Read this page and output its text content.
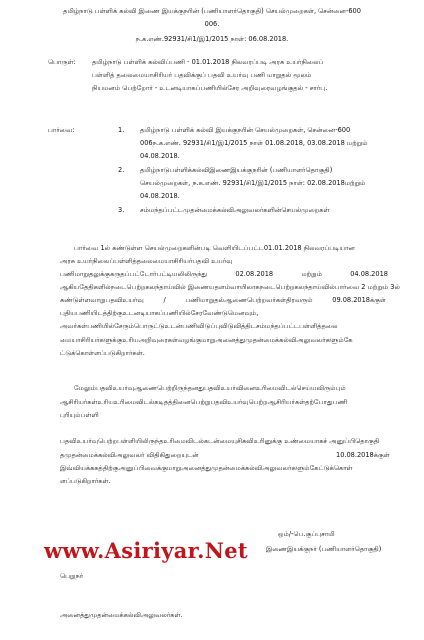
தமிழ்நாடு பள்ளிக் கல்வி இணை இயக்குநரின் (பணியாளர்தொகுதி) செயல்முறைகள், சென்னை-600
006.
ந.க.எண்.92931/சி1/இ1/2015 நாள்: 06.08.2018.
பொருள்: தமிழ்நாடு பள்ளிக் கல்விப்பணி - 01.01.2018 நிலவரப்படி அரசு உயர்நிலைப்
பள்ளித் தலைமையாசிரியர் பதவிக்குப் பதவி உயர்வு பணி மாறுதல் மூலம்
நியமனம் பெற்றோர் - உடனடியாகப்பணியில்சேர அறிவுரைவழங்குதல் - சார்பு.
பார்வை:	1. தமிழ்நாடு பள்ளிக் கல்வி இயக்குநரின் செயல்முறைகள், சென்னை-600
006ந.க.எண். 92931/சி1/இ1/2015 நாள் 01.08.2018, 03.08.2018 மற்றும்
04.08.2018.
2. தமிழ்நாடுபள்ளிக்கல்விஇணைஇயக்குநரின் (பணியாளர்தொகுதி)
செயல்முறைகள், ந.க.எண். 92931/சி1/இ1/2015 நாள்: 02.08.2018மற்றும்
04.08.2018.
3. சம்மந்தப்பட்டமுதன்மைக்கல்விஅலுவலர்களின்செயல்முறைகள்
பார்வை 1ல் கண்டுள்ள செயல்முறைகளின்படி வெளியிடப்பட்ட01.01.2018 நிலவரப்படியான
அரசு உயர்நிலைப்பள்ளித்தலைமையாசிரியர்பதவி உயர்வு
பணிமாறுதலுக்குகருதப்பட்டோர்பட்டியலிலிருந்து	02.08.2018	மற்றும்	04.08.2018
ஆகியதேதிகளில்நடைபெற்றகலந்தாய்வில் இணையதளம்வாயிலாகநடைபெற்றகலந்தாய்வில்பார்வை 2 மற்றும் 3ல்
கண்டுள்ளவாறுபதவிஉயர்வு	/	பணிமாறுதல்ஆணைபெற்றவர்கள்திரவரும்	09.08.2018க்குள்
புதியபணியிடத்திற்குஉடனடியாகப்பணியில்சேரவேண்டுமெனவும்,
அவர்கள்பணியில்சேரும்பொருட்டுஉடன்பணிவிடுப்புவிடுவித்திடசம்மந்தப்பட்டபள்ளித்தலை
மையாசிரியர்களுக்குஉரியஅறிவுரைகள்வழங்குமாறுஅனைத்துமுதன்மைக்கல்விஅலுவலர்களும்கே
ட்டுக்கொள்ளப்படுகிறார்கள்.
மேலும்பதவிஉயர்வுஆணைபெற்றிருந்தனதுபதவிஉயர்வினைஉரிமைவிடல்செய்யவிரும்பும்
ஆசிரியர்கள்உரியஉரிமைவிடல்கடிதத்தினைபெற்றுபதவிஉயர்வுபெற்றஆசிரியர்கள்தற்போதுபணி
புரியும்பள்ளி
பதவிஉயர்வுபெற்றபள்ளியிலிருந்தஉரிமைவிடல்கடன்மையுசிகவிஉரினுக்கு உண்மையாகச் அனுப்பிதொகுதி
தமுதன்மைக்கல்விஅலுவலர் விதிகிதுறையுடன்	10.08.2018க்குள்
இவ்வியக்ககத்திற்குஅனுப்பிவைக்குமாறுஅனைத்துமுதன்மைக்கல்விஅலுவலர்களும்கேட்டுக்கொள்
ளப்படுகிறார்கள்.
www.Asiriyar.Net
ஒம்/-பெ.குப்புசாமி
இணைஇயக்குநர் (பணியாளர்தொகுதி)
பெறுநர்
அனைத்துமுதன்மைக்கல்விஅலுவலர்கள்.
